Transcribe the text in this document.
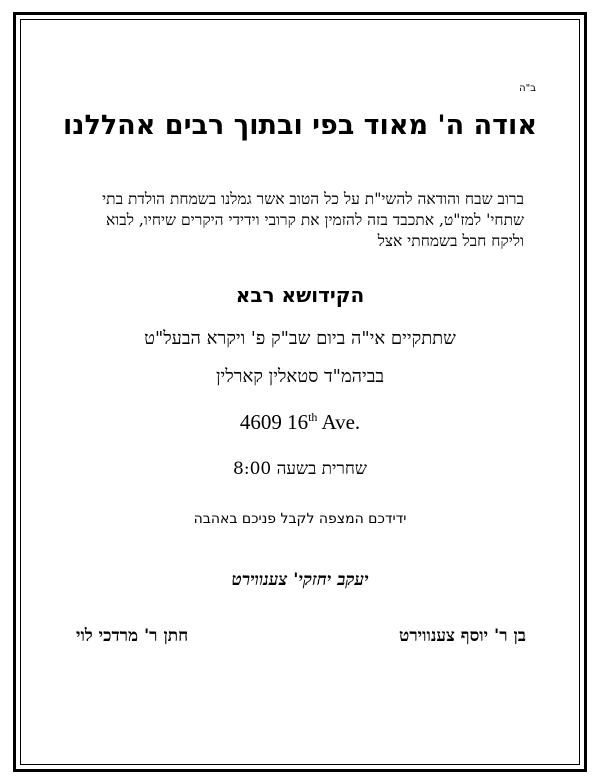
ב"ה
אודה ה' מאוד בפי ובתוך רבים אהללנו
ברוב שבח והודאה להשי"ת על כל הטוב אשר גמלנו בשמחת הולדת בתי שתחי' למז"ט, אתכבד בזה להזמין את קרובי וידידי היקרים שיחיו, לבוא וליקח חבל בשמחתי אצל
הקידושא רבא
שתתקיים אי"ה ביום שב"ק פ' ויקרא הבעל"ט
בביהמ"ד סטאלין קארלין
4609 16th Ave.
שחרית בשעה 8:00
ידידכם המצפה לקבל פניכם באהבה
יעקב יחזקי' צענווירט
בן ר' יוסף צענווירט
חתן ר' מרדכי לוי
